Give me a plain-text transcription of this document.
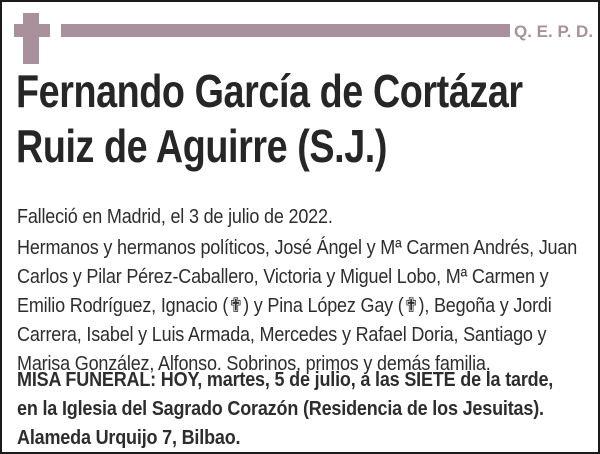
Q. E. P. D.
Fernando García de Cortázar
Ruiz de Aguirre (S.J.)

Falleció en Madrid, el 3 de julio de 2022.

Hermanos y hermanos políticos, José Ángel y Mª Carmen Andrés, Juan
Carlos y Pilar Pérez-Caballero, Victoria y Miguel Lobo, Mª Carmen y
Emilio Rodríguez, Ignacio (✟) y Pina López Gay (✟), Begoña y Jordi
Carrera, Isabel y Luis Armada, Mercedes y Rafael Doria, Santiago y
Marisa González, Alfonso. Sobrinos, primos y demás familia.
MISA FUNERAL: HOY, martes, 5 de julio, a las SIETE de la tarde,
en la Iglesia del Sagrado Corazón (Residencia de los Jesuitas).
Alameda Urquijo 7, Bilbao.
